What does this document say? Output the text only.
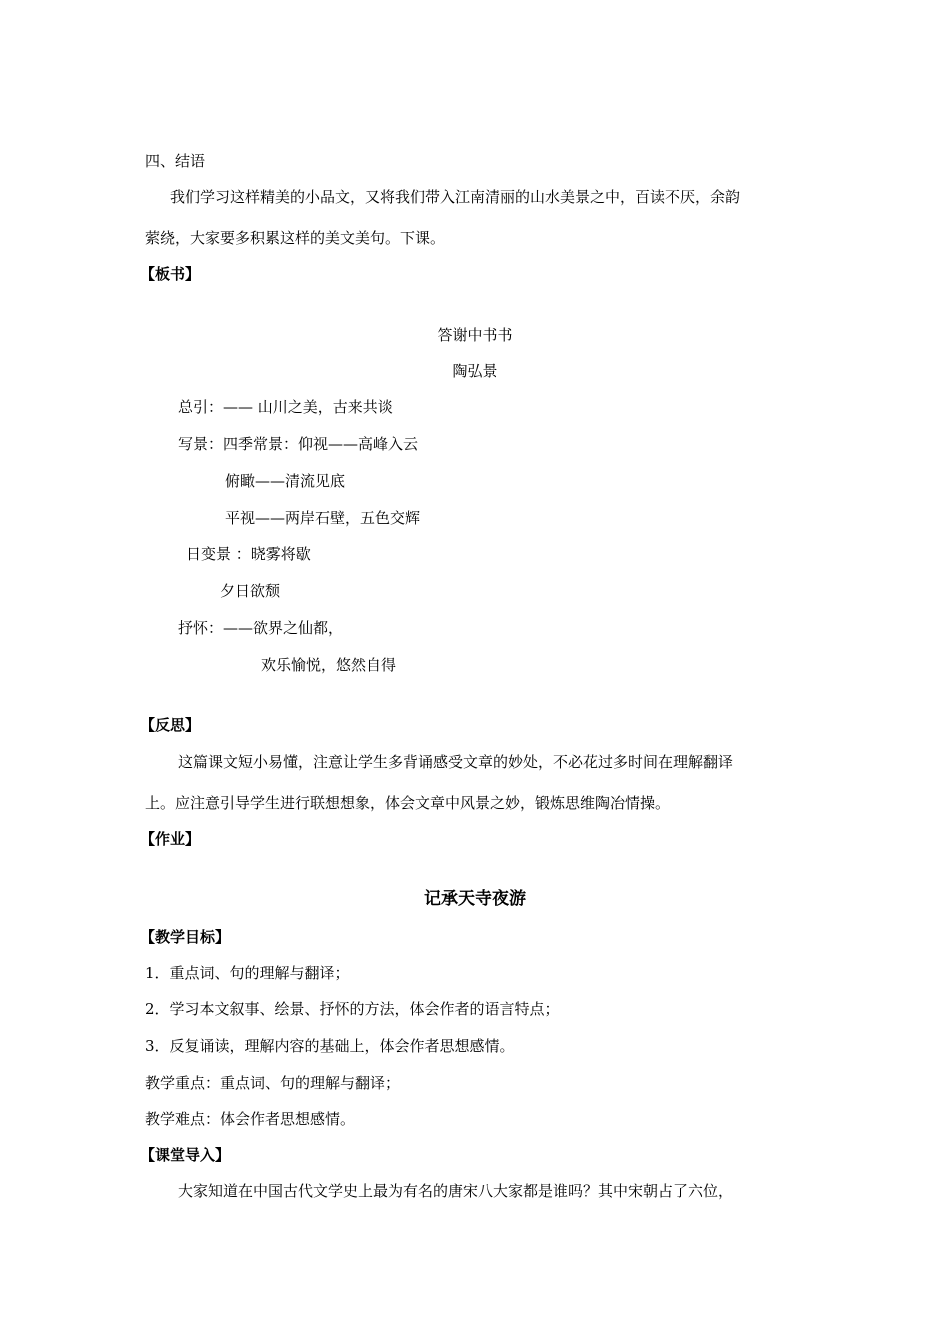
四、结语
我们学习这样精美的小品文，又将我们带入江南清丽的山水美景之中，百读不厌，余韵
萦绕，大家要多积累这样的美文美句。下课。
【板书】
答谢中书书
陶弘景
总引：—— 山川之美，古来共谈
写景：四季常景：仰视——高峰入云
俯瞰——清流见底
平视——两岸石壁，五色交辉
日变景 ：晓雾将歇
夕日欲颓
抒怀：——欲界之仙都，
欢乐愉悦，悠然自得
【反思】
这篇课文短小易懂，注意让学生多背诵感受文章的妙处，不必花过多时间在理解翻译
上。应注意引导学生进行联想想象，体会文章中风景之妙，锻炼思维陶冶情操。
【作业】
记承天寺夜游
【教学目标】
1．重点词、句的理解与翻译；
2．学习本文叙事、绘景、抒怀的方法，体会作者的语言特点；
3．反复诵读，理解内容的基础上，体会作者思想感情。
教学重点：重点词、句的理解与翻译；
教学难点：体会作者思想感情。
【课堂导入】
大家知道在中国古代文学史上最为有名的唐宋八大家都是谁吗？其中宋朝占了六位，
